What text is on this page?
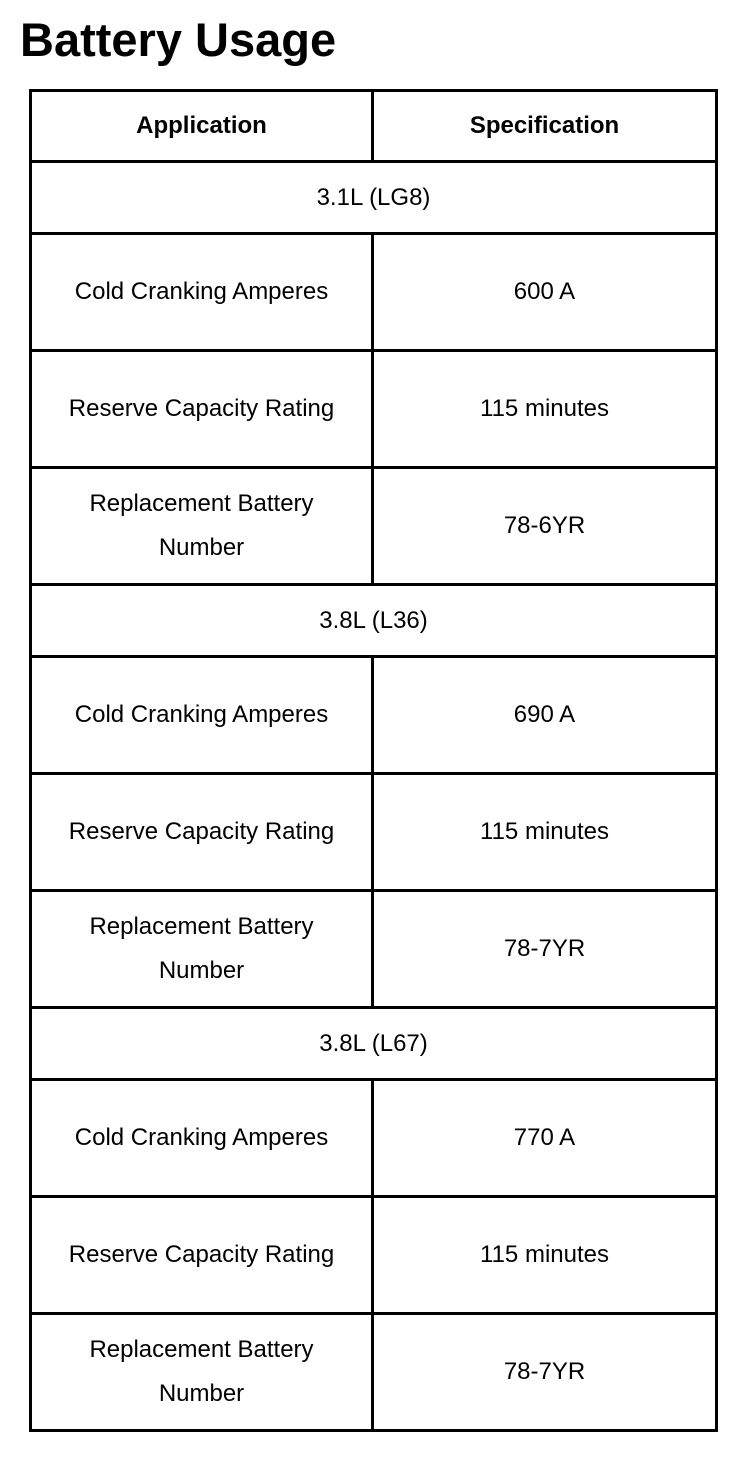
Battery Usage
Application	Specification
3.1L (LG8)	
Cold Cranking Amperes	600 A
Reserve Capacity Rating	115 minutes
Replacement Battery Number	78-6YR
3.8L (L36)	
Cold Cranking Amperes	690 A
Reserve Capacity Rating	115 minutes
Replacement Battery Number	78-7YR
3.8L (L67)	
Cold Cranking Amperes	770 A
Reserve Capacity Rating	115 minutes
Replacement Battery Number	78-7YR
